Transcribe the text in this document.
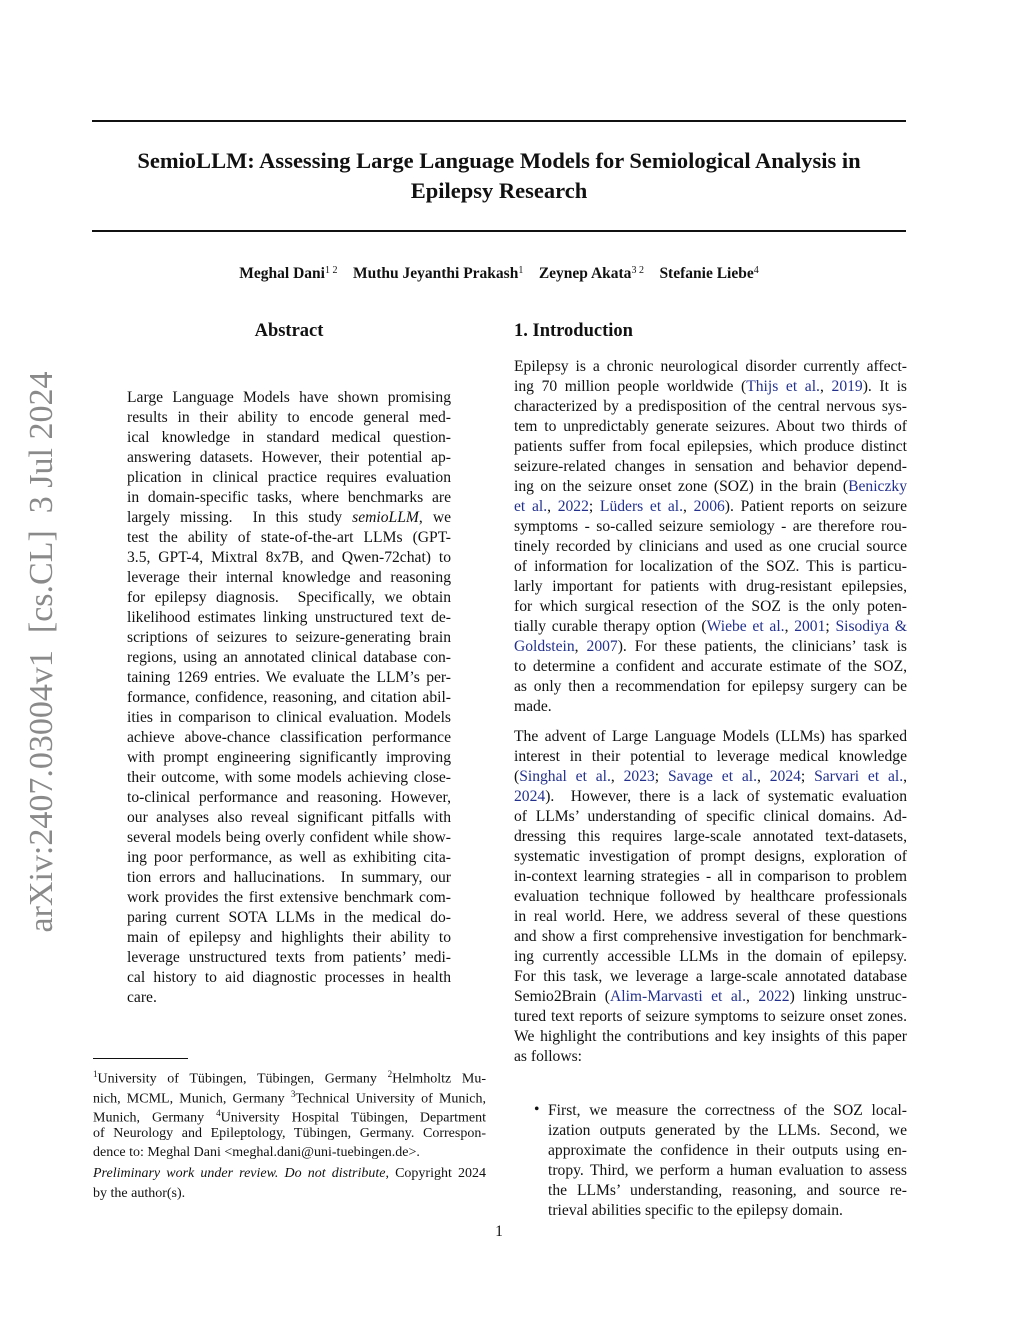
arXiv:2407.03004v1  [cs.CL]  3 Jul 2024
SemioLLM: Assessing Large Language Models for Semiological Analysis in
Epilepsy Research
Meghal Dani$^{1 2}$ Muthu Jeyanthi Prakash$^1$ Zeynep Akata$^{3 2}$ Stefanie Liebe$^4$
Abstract
Large Language Models have shown promising
results in their ability to encode general med-
ical knowledge in standard medical question-
answering datasets. However, their potential ap-
plication in clinical practice requires evaluation
in domain-specific tasks, where benchmarks are
largely missing.  In this study semioLLM, we
test the ability of state-of-the-art LLMs (GPT-
3.5, GPT-4, Mixtral 8x7B, and Qwen-72chat) to
leverage their internal knowledge and reasoning
for epilepsy diagnosis.  Specifically, we obtain
likelihood estimates linking unstructured text de-
scriptions of seizures to seizure-generating brain
regions, using an annotated clinical database con-
taining 1269 entries. We evaluate the LLM’s per-
formance, confidence, reasoning, and citation abil-
ities in comparison to clinical evaluation. Models
achieve above-chance classification performance
with prompt engineering significantly improving
their outcome, with some models achieving close-
to-clinical performance and reasoning. However,
our analyses also reveal significant pitfalls with
several models being overly confident while show-
ing poor performance, as well as exhibiting cita-
tion errors and hallucinations.  In summary, our
work provides the first extensive benchmark com-
paring current SOTA LLMs in the medical do-
main of epilepsy and highlights their ability to
leverage unstructured texts from patients’ medi-
cal history to aid diagnostic processes in health
care.
$^1$University of Tübingen, Tübingen, Germany $^2$Helmholtz Mu-
nich, MCML, Munich, Germany $^3$Technical University of Munich,
Munich, Germany $^4$University Hospital Tübingen, Department
of Neurology and Epileptology, Tübingen, Germany. Correspon-
dence to: Meghal Dani <meghal.dani@uni-tuebingen.de>.
Preliminary work under review. Do not distribute, Copyright 2024
by the author(s).
1. Introduction
Epilepsy is a chronic neurological disorder currently affect-
ing 70 million people worldwide (Thijs et al., 2019). It is
characterized by a predisposition of the central nervous sys-
tem to unpredictably generate seizures. About two thirds of
patients suffer from focal epilepsies, which produce distinct
seizure-related changes in sensation and behavior depend-
ing on the seizure onset zone (SOZ) in the brain (Beniczky
et al., 2022; Lüders et al., 2006). Patient reports on seizure
symptoms - so-called seizure semiology - are therefore rou-
tinely recorded by clinicians and used as one crucial source
of information for localization of the SOZ. This is particu-
larly important for patients with drug-resistant epilepsies,
for which surgical resection of the SOZ is the only poten-
tially curable therapy option (Wiebe et al., 2001; Sisodiya &
Goldstein, 2007). For these patients, the clinicians’ task is
to determine a confident and accurate estimate of the SOZ,
as only then a recommendation for epilepsy surgery can be
made.
The advent of Large Language Models (LLMs) has sparked
interest in their potential to leverage medical knowledge
(Singhal et al., 2023; Savage et al., 2024; Sarvari et al.,
2024).  However, there is a lack of systematic evaluation
of LLMs’ understanding of specific clinical domains. Ad-
dressing this requires large-scale annotated text-datasets,
systematic investigation of prompt designs, exploration of
in-context learning strategies - all in comparison to problem
evaluation technique followed by healthcare professionals
in real world. Here, we address several of these questions
and show a first comprehensive investigation for benchmark-
ing currently accessible LLMs in the domain of epilepsy.
For this task, we leverage a large-scale annotated database
Semio2Brain (Alim-Marvasti et al., 2022) linking unstruc-
tured text reports of seizure symptoms to seizure onset zones.
We highlight the contributions and key insights of this paper
as follows:
• First, we measure the correctness of the SOZ local-
ization outputs generated by the LLMs. Second, we
approximate the confidence in their outputs using en-
tropy. Third, we perform a human evaluation to assess
the LLMs’ understanding, reasoning, and source re-
trieval abilities specific to the epilepsy domain.
1
